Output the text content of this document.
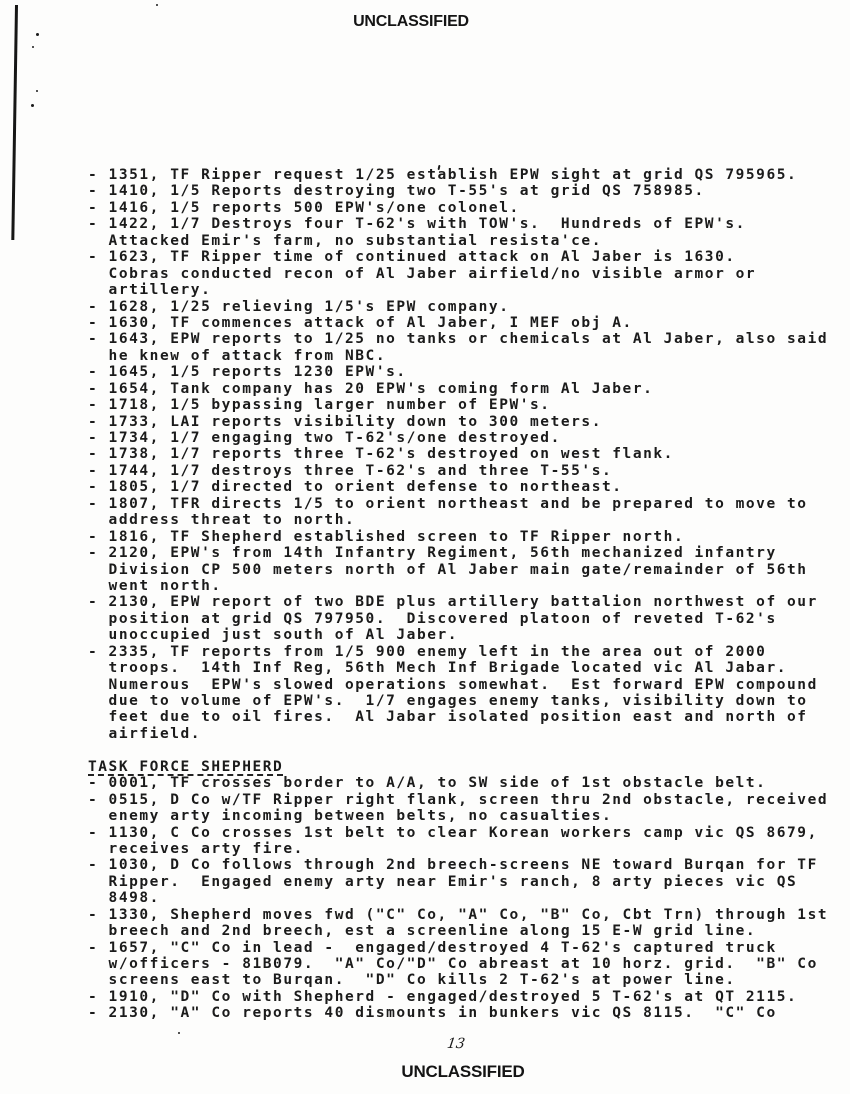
UNCLASSIFIED
- 1351, TF Ripper request 1/25 establish EPW sight at grid QS 795965.
- 1410, 1/5 Reports destroying two T-55's at grid QS 758985.
- 1416, 1/5 reports 500 EPW's/one colonel.
- 1422, 1/7 Destroys four T-62's with TOW's.  Hundreds of EPW's.
Attacked Emir's farm, no substantial resista'ce.
- 1623, TF Ripper time of continued attack on Al Jaber is 1630.
Cobras conducted recon of Al Jaber airfield/no visible armor or
artillery.
- 1628, 1/25 relieving 1/5's EPW company.
- 1630, TF commences attack of Al Jaber, I MEF obj A.
- 1643, EPW reports to 1/25 no tanks or chemicals at Al Jaber, also said
he knew of attack from NBC.
- 1645, 1/5 reports 1230 EPW's.
- 1654, Tank company has 20 EPW's coming form Al Jaber.
- 1718, 1/5 bypassing larger number of EPW's.
- 1733, LAI reports visibility down to 300 meters.
- 1734, 1/7 engaging two T-62's/one destroyed.
- 1738, 1/7 reports three T-62's destroyed on west flank.
- 1744, 1/7 destroys three T-62's and three T-55's.
- 1805, 1/7 directed to orient defense to northeast.
- 1807, TFR directs 1/5 to orient northeast and be prepared to move to
address threat to north.
- 1816, TF Shepherd established screen to TF Ripper north.
- 2120, EPW's from 14th Infantry Regiment, 56th mechanized infantry
Division CP 500 meters north of Al Jaber main gate/remainder of 56th
went north.
- 2130, EPW report of two BDE plus artillery battalion northwest of our
position at grid QS 797950.  Discovered platoon of reveted T-62's
unoccupied just south of Al Jaber.
- 2335, TF reports from 1/5 900 enemy left in the area out of 2000
troops.  14th Inf Reg, 56th Mech Inf Brigade located vic Al Jabar.
Numerous  EPW's slowed operations somewhat.  Est forward EPW compound
due to volume of EPW's.  1/7 engages enemy tanks, visibility down to
feet due to oil fires.  Al Jabar isolated position east and north of
airfield.
TASK FORCE SHEPHERD
- 0001, TF crosses border to A/A, to SW side of 1st obstacle belt.
- 0515, D Co w/TF Ripper right flank, screen thru 2nd obstacle, received
enemy arty incoming between belts, no casualties.
- 1130, C Co crosses 1st belt to clear Korean workers camp vic QS 8679,
receives arty fire.
- 1030, D Co follows through 2nd breech-screens NE toward Burqan for TF
Ripper.  Engaged enemy arty near Emir's ranch, 8 arty pieces vic QS
8498.
- 1330, Shepherd moves fwd ("C" Co, "A" Co, "B" Co, Cbt Trn) through 1st
breech and 2nd breech, est a screenline along 15 E-W grid line.
- 1657, "C" Co in lead -  engaged/destroyed 4 T-62's captured truck
w/officers - 81B079.  "A" Co/"D" Co abreast at 10 horz. grid.  "B" Co
screens east to Burqan.  "D" Co kills 2 T-62's at power line.
- 1910, "D" Co with Shepherd - engaged/destroyed 5 T-62's at QT 2115.
- 2130, "A" Co reports 40 dismounts in bunkers vic QS 8115.  "C" Co
13
UNCLASSIFIED
